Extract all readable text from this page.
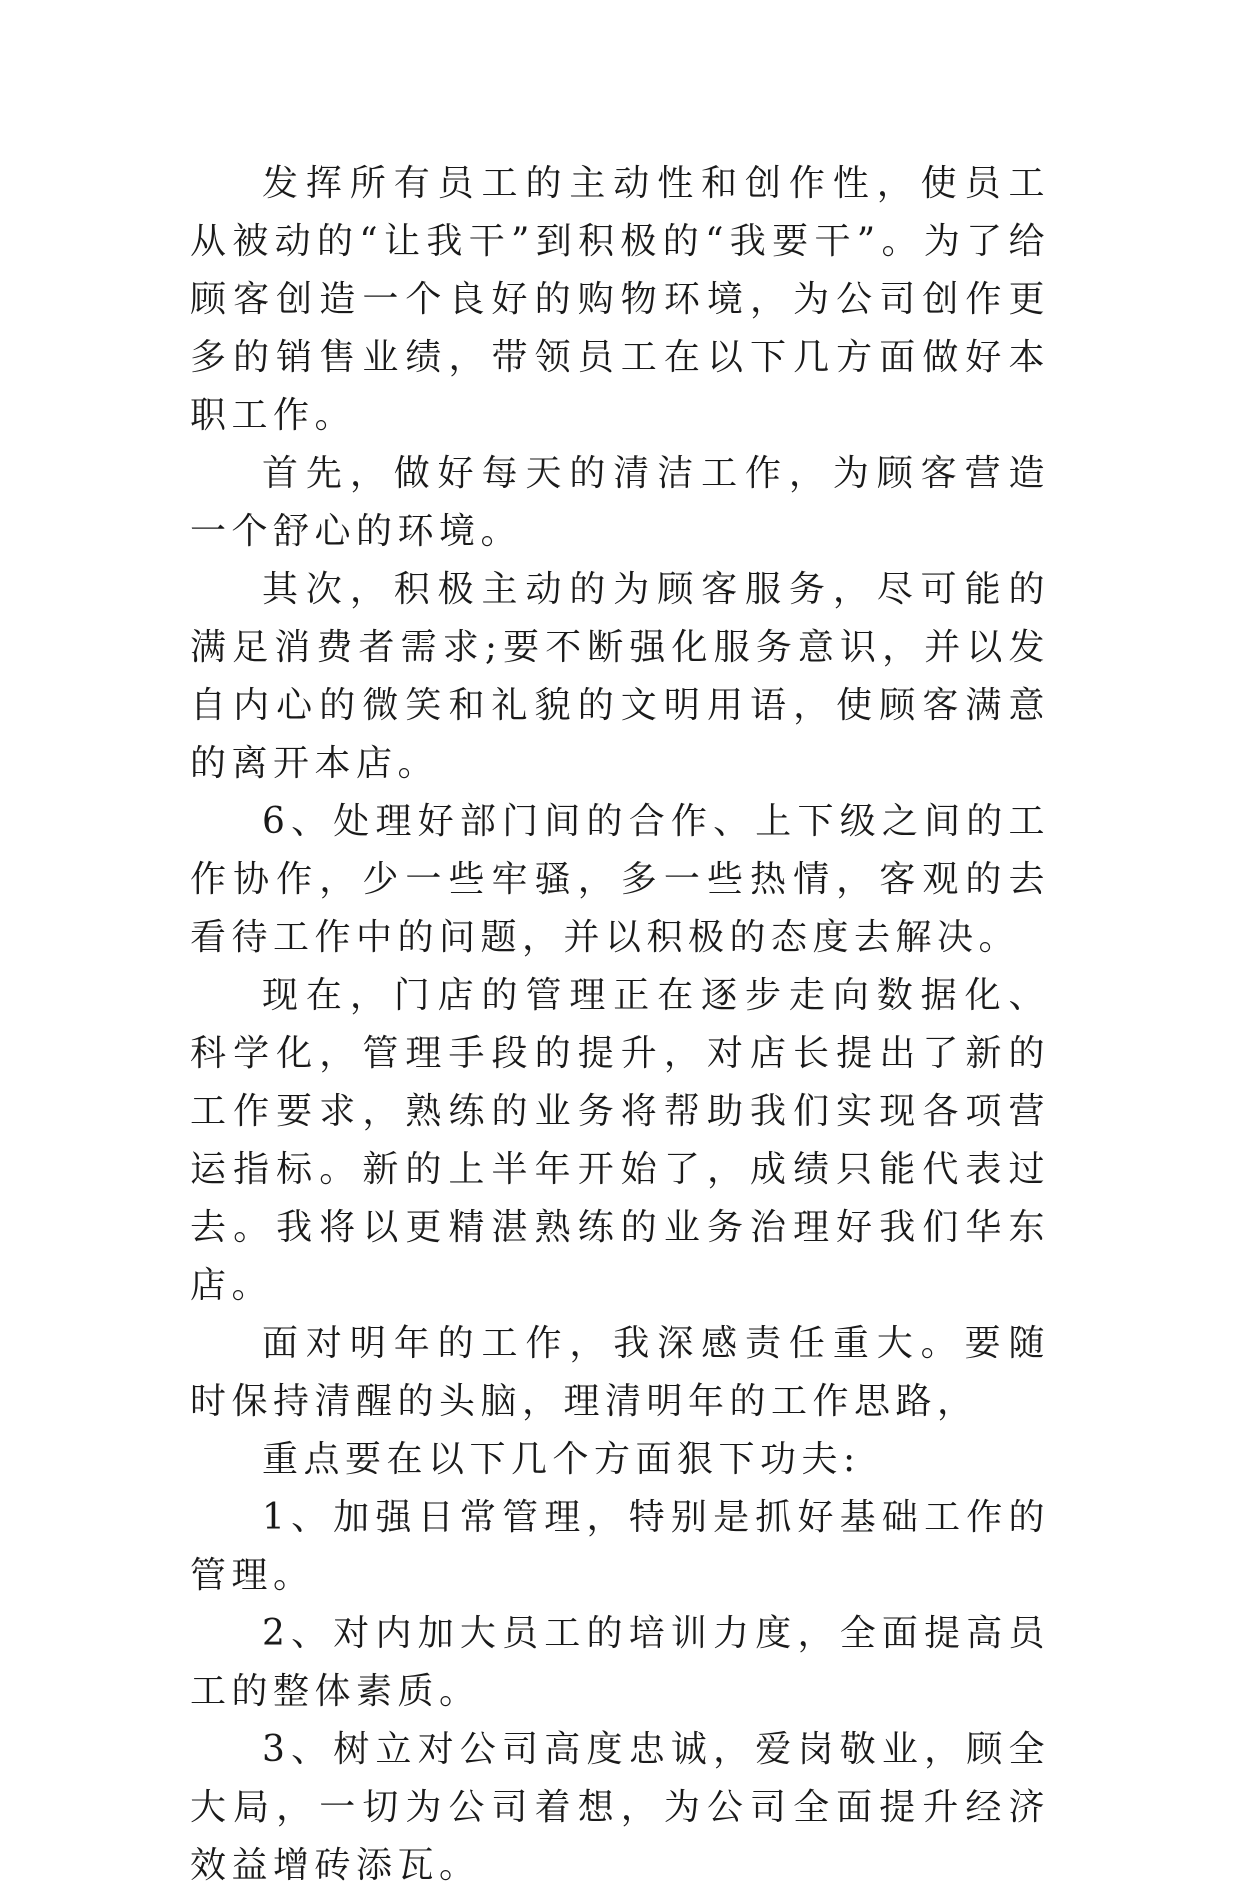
发挥所有员工的主动性和创作性，使员工从被动的“让我干”到积极的“我要干”。为了给顾客创造一个良好的购物环境，为公司创作更多的销售业绩，带领员工在以下几方面做好本职工作。

首先，做好每天的清洁工作，为顾客营造一个舒心的环境。

其次，积极主动的为顾客服务，尽可能的满足消费者需求;要不断强化服务意识，并以发自内心的微笑和礼貌的文明用语，使顾客满意的离开本店。

6、处理好部门间的合作、上下级之间的工作协作，少一些牢骚，多一些热情，客观的去看待工作中的问题，并以积极的态度去解决。

现在，门店的管理正在逐步走向数据化、科学化，管理手段的提升，对店长提出了新的工作要求，熟练的业务将帮助我们实现各项营运指标。新的上半年开始了，成绩只能代表过去。我将以更精湛熟练的业务治理好我们华东店。

面对明年的工作，我深感责任重大。要随时保持清醒的头脑，理清明年的工作思路，

重点要在以下几个方面狠下功夫:

1、加强日常管理，特别是抓好基础工作的管理。

2、对内加大员工的培训力度，全面提高员工的整体素质。

3、树立对公司高度忠诚，爱岗敬业，顾全大局，一切为公司着想，为公司全面提升经济效益增砖添瓦。
